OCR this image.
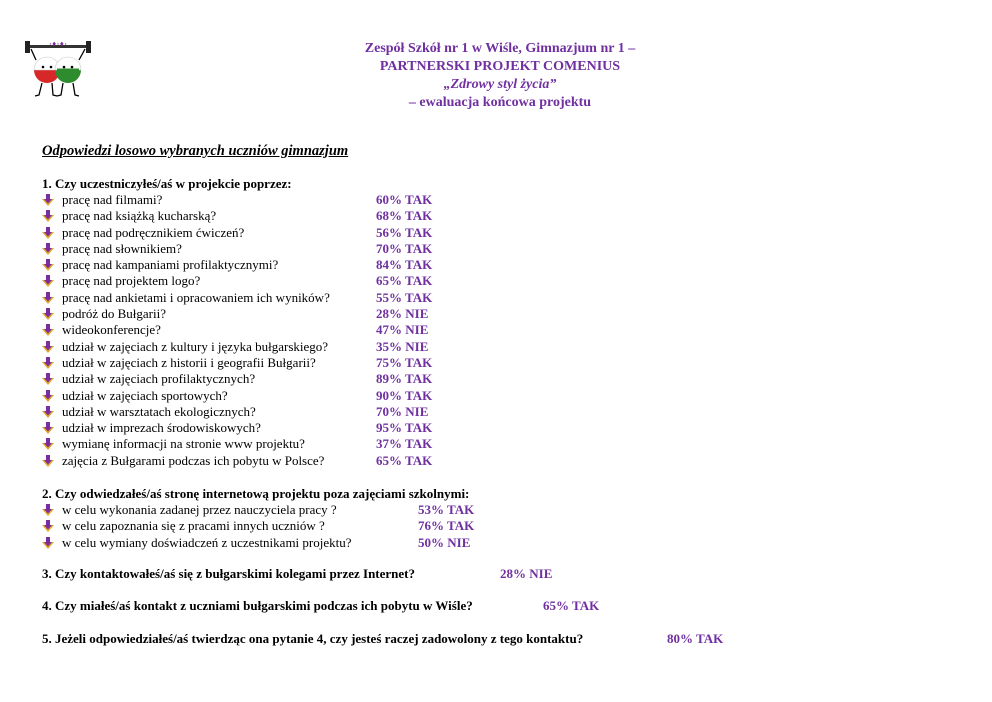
·♦·♦·	Zespół Szkół nr 1 w Wiśle, Gimnazjum nr 1 –
PARTNERSKI PROJEKT COMENIUS
„Zdrowy styl życia”
– ewaluacja końcowa projektu
Odpowiedzi losowo wybranych uczniów gimnazjum
1. Czy uczestniczyłeś/aś w projekcie poprzez:
pracę nad filmami?	60% TAK
pracę nad książką kucharską?	68% TAK
pracę nad podręcznikiem ćwiczeń?	56% TAK
pracę nad słownikiem?	70% TAK
pracę nad kampaniami profilaktycznymi?	84% TAK
pracę nad projektem logo?	65% TAK
pracę nad ankietami i opracowaniem ich wyników?	55% TAK
podróż do Bułgarii?	28% NIE
wideokonferencje?	47% NIE
udział w zajęciach z kultury i języka bułgarskiego?	35% NIE
udział w zajęciach z historii i geografii Bułgarii?	75% TAK
udział w zajęciach profilaktycznych?	89% TAK
udział w zajęciach sportowych?	90% TAK
udział w warsztatach ekologicznych?	70% NIE
udział w imprezach środowiskowych?	95% TAK
wymianę informacji na stronie www projektu?	37% TAK
zajęcia z Bułgarami podczas ich pobytu w Polsce?	65% TAK
2. Czy odwiedzałeś/aś stronę internetową projektu poza zajęciami szkolnymi:
w celu wykonania zadanej przez nauczyciela pracy ?	53% TAK
w celu zapoznania się z pracami innych uczniów ?	76% TAK
w celu wymiany doświadczeń z uczestnikami projektu?	50% NIE
3. Czy kontaktowałeś/aś się z bułgarskimi kolegami przez Internet?	28% NIE
4. Czy miałeś/aś kontakt z uczniami bułgarskimi podczas ich pobytu w Wiśle?	65% TAK
5. Jeżeli odpowiedziałeś/aś twierdząc ona pytanie 4, czy jesteś raczej zadowolony z tego kontaktu?	80% TAK
